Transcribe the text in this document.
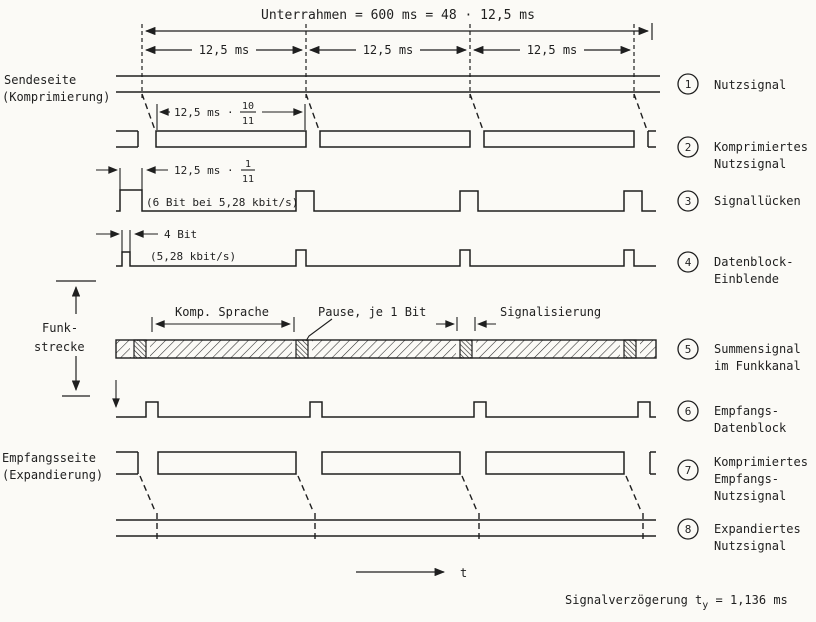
Unterrahmen = 600 ms = 48 · 12,5 ms
12,5 ms	12,5 ms	12,5 ms
Sendeseite
(Komprimierung)
Empfangsseite
(Expandierung)
12,5 ms · 10
11
12,5 ms · 1
11
(6 Bit bei 5,28 kbit/s)
4 Bit
(5,28 kbit/s)
Funk-
strecke
Komp. Sprache	Pause, je 1 Bit	Signalisierung
1 Nutzsignal
2 Komprimiertes
Nutzsignal
3 Signallücken
4 Datenblock-
Einblende
5 Summensignal
im Funkkanal
6 Empfangs-
Datenblock
7
Komprimiertes
Empfangs-
Nutzsignal
8 Expandiertes
Nutzsignal
t
Signalverzögerung $t_y = 1,136$ ms
